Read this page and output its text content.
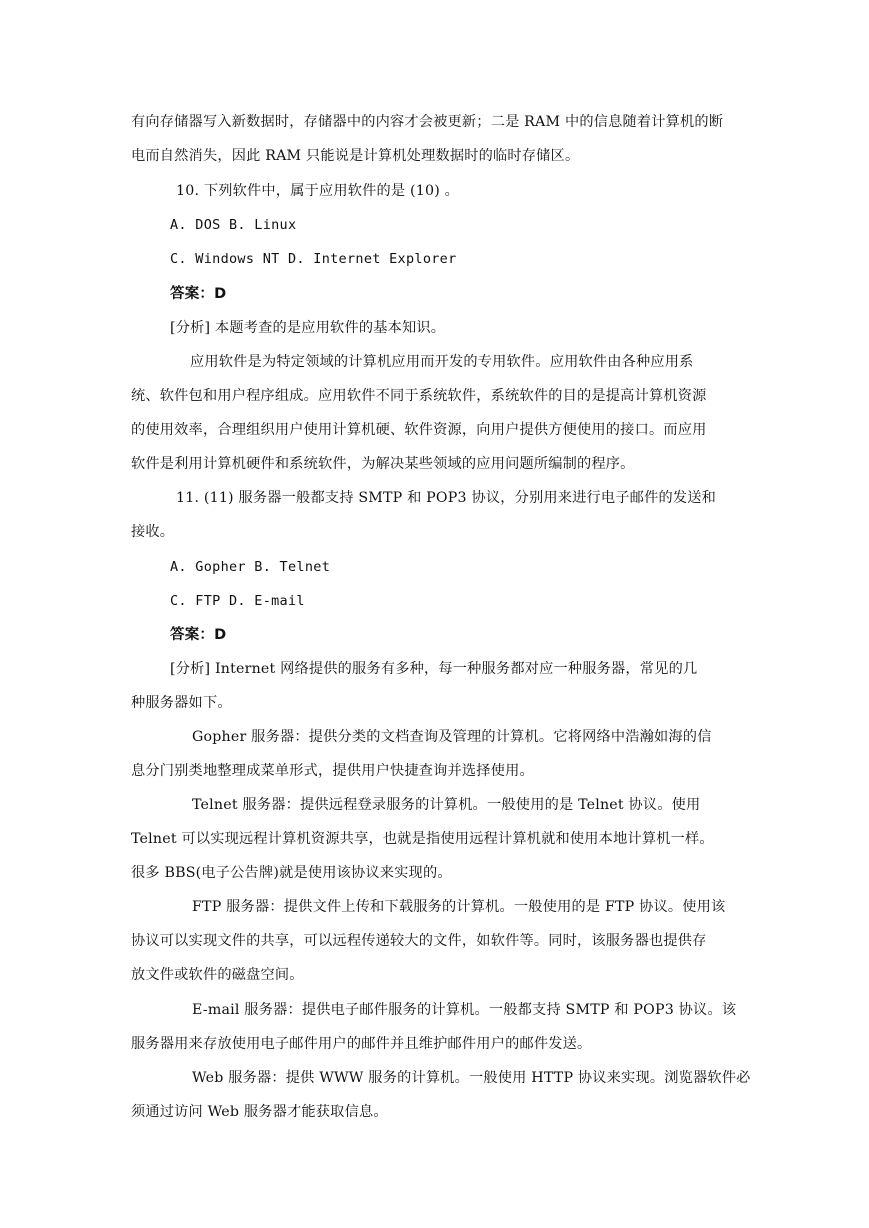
有向存储器写入新数据时，存储器中的内容才会被更新；二是 RAM 中的信息随着计算机的断
电而自然消失，因此 RAM 只能说是计算机处理数据时的临时存储区。
10. 下列软件中，属于应用软件的是 (10) 。
A. DOS B. Linux
C. Windows NT D. Internet Explorer
答案：D
[分析] 本题考查的是应用软件的基本知识。
应用软件是为特定领域的计算机应用而开发的专用软件。应用软件由各种应用系
统、软件包和用户程序组成。应用软件不同于系统软件，系统软件的目的是提高计算机资源
的使用效率，合理组织用户使用计算机硬、软件资源，向用户提供方便使用的接口。而应用
软件是利用计算机硬件和系统软件，为解决某些领域的应用问题所编制的程序。
11. (11) 服务器一般都支持 SMTP 和 POP3 协议，分别用来进行电子邮件的发送和
接收。
A. Gopher B. Telnet
C. FTP D. E-mail
答案：D
[分析] Internet 网络提供的服务有多种，每一种服务都对应一种服务器，常见的几
种服务器如下。
Gopher 服务器：提供分类的文档查询及管理的计算机。它将网络中浩瀚如海的信
息分门别类地整理成菜单形式，提供用户快捷查询并选择使用。
Telnet 服务器：提供远程登录服务的计算机。一般使用的是 Telnet 协议。使用
Telnet 可以实现远程计算机资源共享，也就是指使用远程计算机就和使用本地计算机一样。
很多 BBS(电子公告牌)就是使用该协议来实现的。
FTP 服务器：提供文件上传和下载服务的计算机。一般使用的是 FTP 协议。使用该
协议可以实现文件的共享，可以远程传递较大的文件，如软件等。同时，该服务器也提供存
放文件或软件的磁盘空间。
E-mail 服务器：提供电子邮件服务的计算机。一般都支持 SMTP 和 POP3 协议。该
服务器用来存放使用电子邮件用户的邮件并且维护邮件用户的邮件发送。
Web 服务器：提供 WWW 服务的计算机。一般使用 HTTP 协议来实现。浏览器软件必
须通过访问 Web 服务器才能获取信息。
